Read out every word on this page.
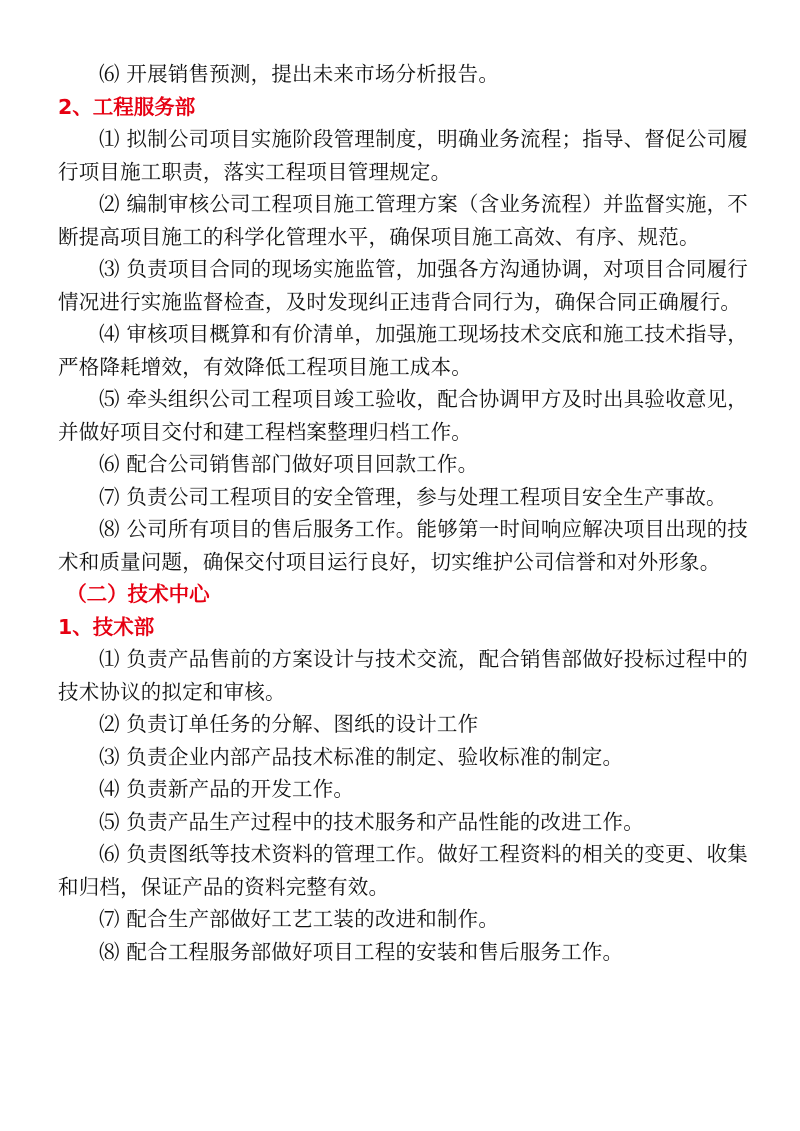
⑹ 开展销售预测，提出未来市场分析报告。

2、工程服务部

⑴ 拟制公司项目实施阶段管理制度，明确业务流程；指导、督促公司履行项目施工职责，落实工程项目管理规定。

⑵ 编制审核公司工程项目施工管理方案（含业务流程）并监督实施，不断提高项目施工的科学化管理水平，确保项目施工高效、有序、规范。

⑶ 负责项目合同的现场实施监管，加强各方沟通协调，对项目合同履行情况进行实施监督检查，及时发现纠正违背合同行为，确保合同正确履行。

⑷ 审核项目概算和有价清单，加强施工现场技术交底和施工技术指导，严格降耗增效，有效降低工程项目施工成本。

⑸ 牵头组织公司工程项目竣工验收，配合协调甲方及时出具验收意见，并做好项目交付和建工程档案整理归档工作。

⑹ 配合公司销售部门做好项目回款工作。

⑺ 负责公司工程项目的安全管理，参与处理工程项目安全生产事故。

⑻ 公司所有项目的售后服务工作。能够第一时间响应解决项目出现的技术和质量问题，确保交付项目运行良好，切实维护公司信誉和对外形象。

（二）技术中心

1、技术部

⑴ 负责产品售前的方案设计与技术交流，配合销售部做好投标过程中的技术协议的拟定和审核。

⑵ 负责订单任务的分解、图纸的设计工作

⑶ 负责企业内部产品技术标准的制定、验收标准的制定。

⑷ 负责新产品的开发工作。

⑸ 负责产品生产过程中的技术服务和产品性能的改进工作。

⑹ 负责图纸等技术资料的管理工作。做好工程资料的相关的变更、收集和归档，保证产品的资料完整有效。

⑺ 配合生产部做好工艺工装的改进和制作。

⑻ 配合工程服务部做好项目工程的安装和售后服务工作。
